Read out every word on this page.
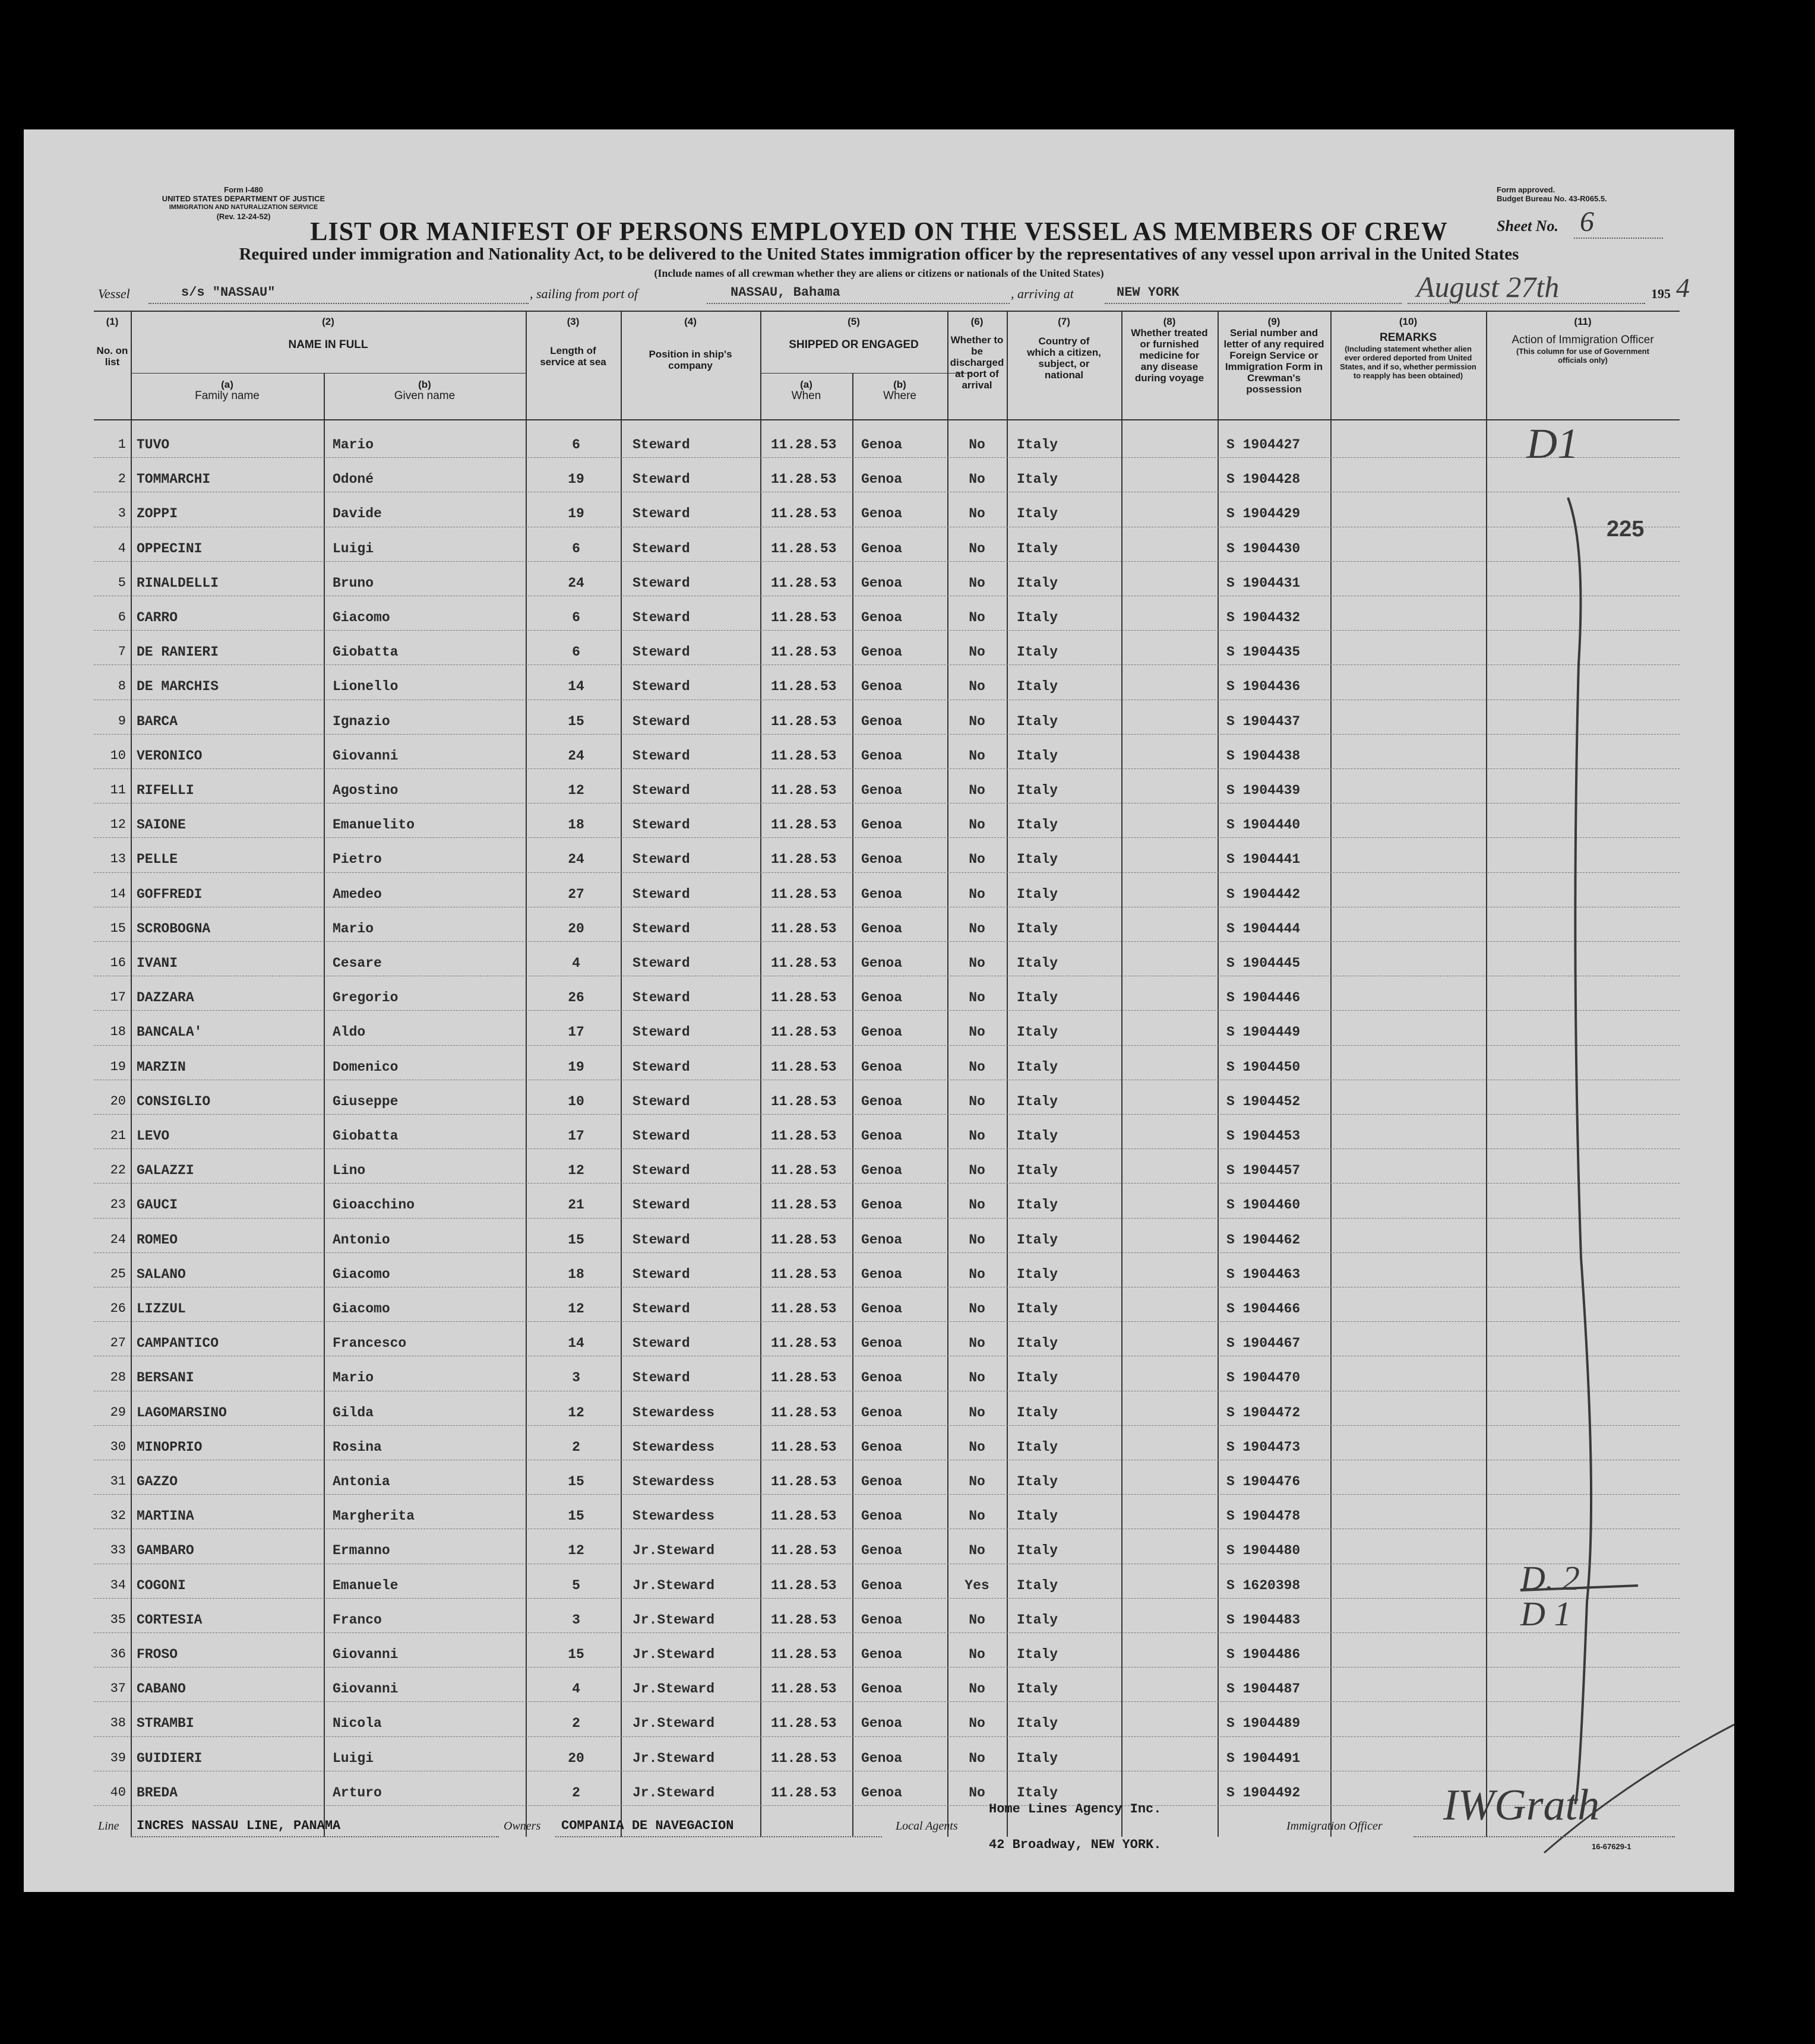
Form I-480
UNITED STATES DEPARTMENT OF JUSTICE
IMMIGRATION AND NATURALIZATION SERVICE
(Rev. 12-24-52)
Form approved.
Budget Bureau No. 43-R065.5.
LIST OR MANIFEST OF PERSONS EMPLOYED ON THE VESSEL AS MEMBERS OF CREW	Sheet No. 6
Required under immigration and Nationality Act, to be delivered to the United States immigration officer by the representatives of any vessel upon arrival in the United States
(Include names of all crewman whether they are aliens or citizens or nationals of the United States)
Vessel	s/s "NASSAU"	, sailing from port of	NASSAU, Bahama	, arriving at	NEW YORK	August 27th	195 4
(1)
No. on list
(2)
NAME IN FULL
(a)
Family name
(b)
Given name
(3)
Length of service at sea
(4)
Position in ship's company
(5)
SHIPPED OR ENGAGED
(a)
When
(b)
Where
(6)
Whether to be discharged at port of arrival
(7)
Country of which a citizen, subject, or national
(8)
Whether treated or furnished medicine for any disease during voyage
(9)
Serial number and letter of any required Foreign Service or Immigration Form in Crewman's possession
(10)
REMARKS
(Including statement whether alien ever ordered deported from United States, and if so, whether permission to reapply has been obtained)
(11)
Action of Immigration Officer
(This column for use of Government officials only)
1 TUVO	Mario	6	Steward	11.28.53 Genoa	No	Italy	S 1904427
2 TOMMARCHI	Odoné	19	Steward	11.28.53 Genoa	No	Italy	S 1904428
3 ZOPPI	Davide	19	Steward	11.28.53 Genoa	No	Italy	S 1904429
4 OPPECINI	Luigi	6	Steward	11.28.53 Genoa	No	Italy	S 1904430
5 RINALDELLI	Bruno	24	Steward	11.28.53 Genoa	No	Italy	S 1904431
6 CARRO	Giacomo	6	Steward	11.28.53 Genoa	No	Italy	S 1904432
7 DE RANIERI	Giobatta	6	Steward	11.28.53 Genoa	No	Italy	S 1904435
8 DE MARCHIS	Lionello	14	Steward	11.28.53 Genoa	No	Italy	S 1904436
9 BARCA	Ignazio	15	Steward	11.28.53 Genoa	No	Italy	S 1904437
10 VERONICO	Giovanni	24	Steward	11.28.53 Genoa	No	Italy	S 1904438
11 RIFELLI	Agostino	12	Steward	11.28.53 Genoa	No	Italy	S 1904439
12 SAIONE	Emanuelito	18	Steward	11.28.53 Genoa	No	Italy	S 1904440
13 PELLE	Pietro	24	Steward	11.28.53 Genoa	No	Italy	S 1904441
14 GOFFREDI	Amedeo	27	Steward	11.28.53 Genoa	No	Italy	S 1904442
15 SCROBOGNA	Mario	20	Steward	11.28.53 Genoa	No	Italy	S 1904444
16 IVANI	Cesare	4	Steward	11.28.53 Genoa	No	Italy	S 1904445
17 DAZZARA	Gregorio	26	Steward	11.28.53 Genoa	No	Italy	S 1904446
18 BANCALA'	Aldo	17	Steward	11.28.53 Genoa	No	Italy	S 1904449
19 MARZIN	Domenico	19	Steward	11.28.53 Genoa	No	Italy	S 1904450
20 CONSIGLIO	Giuseppe	10	Steward	11.28.53 Genoa	No	Italy	S 1904452
21 LEVO	Giobatta	17	Steward	11.28.53 Genoa	No	Italy	S 1904453
22 GALAZZI	Lino	12	Steward	11.28.53 Genoa	No	Italy	S 1904457
23 GAUCI	Gioacchino	21	Steward	11.28.53 Genoa	No	Italy	S 1904460
24 ROMEO	Antonio	15	Steward	11.28.53 Genoa	No	Italy	S 1904462
25 SALANO	Giacomo	18	Steward	11.28.53 Genoa	No	Italy	S 1904463
26 LIZZUL	Giacomo	12	Steward	11.28.53 Genoa	No	Italy	S 1904466
27 CAMPANTICO	Francesco	14	Steward	11.28.53 Genoa	No	Italy	S 1904467
28 BERSANI	Mario	3	Steward	11.28.53 Genoa	No	Italy	S 1904470
29 LAGOMARSINO	Gilda	12	Stewardess	11.28.53 Genoa	No	Italy	S 1904472
30 MINOPRIO	Rosina	2	Stewardess	11.28.53 Genoa	No	Italy	S 1904473
31 GAZZO	Antonia	15	Stewardess	11.28.53 Genoa	No	Italy	S 1904476
32 MARTINA	Margherita	15	Stewardess	11.28.53 Genoa	No	Italy	S 1904478
33 GAMBARO	Ermanno	12	Jr.Steward	11.28.53 Genoa	No	Italy	S 1904480
34 COGONI	Emanuele	5	Jr.Steward	11.28.53 Genoa	Yes	Italy	S 1620398
35 CORTESIA	Franco	3	Jr.Steward	11.28.53 Genoa	No	Italy	S 1904483
36 FROSO	Giovanni	15	Jr.Steward	11.28.53 Genoa	No	Italy	S 1904486
37 CABANO	Giovanni	4	Jr.Steward	11.28.53 Genoa	No	Italy	S 1904487
38 STRAMBI	Nicola	2	Jr.Steward	11.28.53 Genoa	No	Italy	S 1904489
39 GUIDIERI	Luigi	20	Jr.Steward	11.28.53 Genoa	No	Italy	S 1904491
40 BREDA	Arturo	2	Jr.Steward	11.28.53 Genoa	No	Italy	S 1904492
D1
225
D. 2
D 1
Line INCRES NASSAU LINE, PANAMA	Owners COMPANIA DE NAVEGACION	Local Agents
Home Lines Agency Inc.
42 Broadway, NEW YORK.
Immigration Officer IWGrath
16-67629-1
